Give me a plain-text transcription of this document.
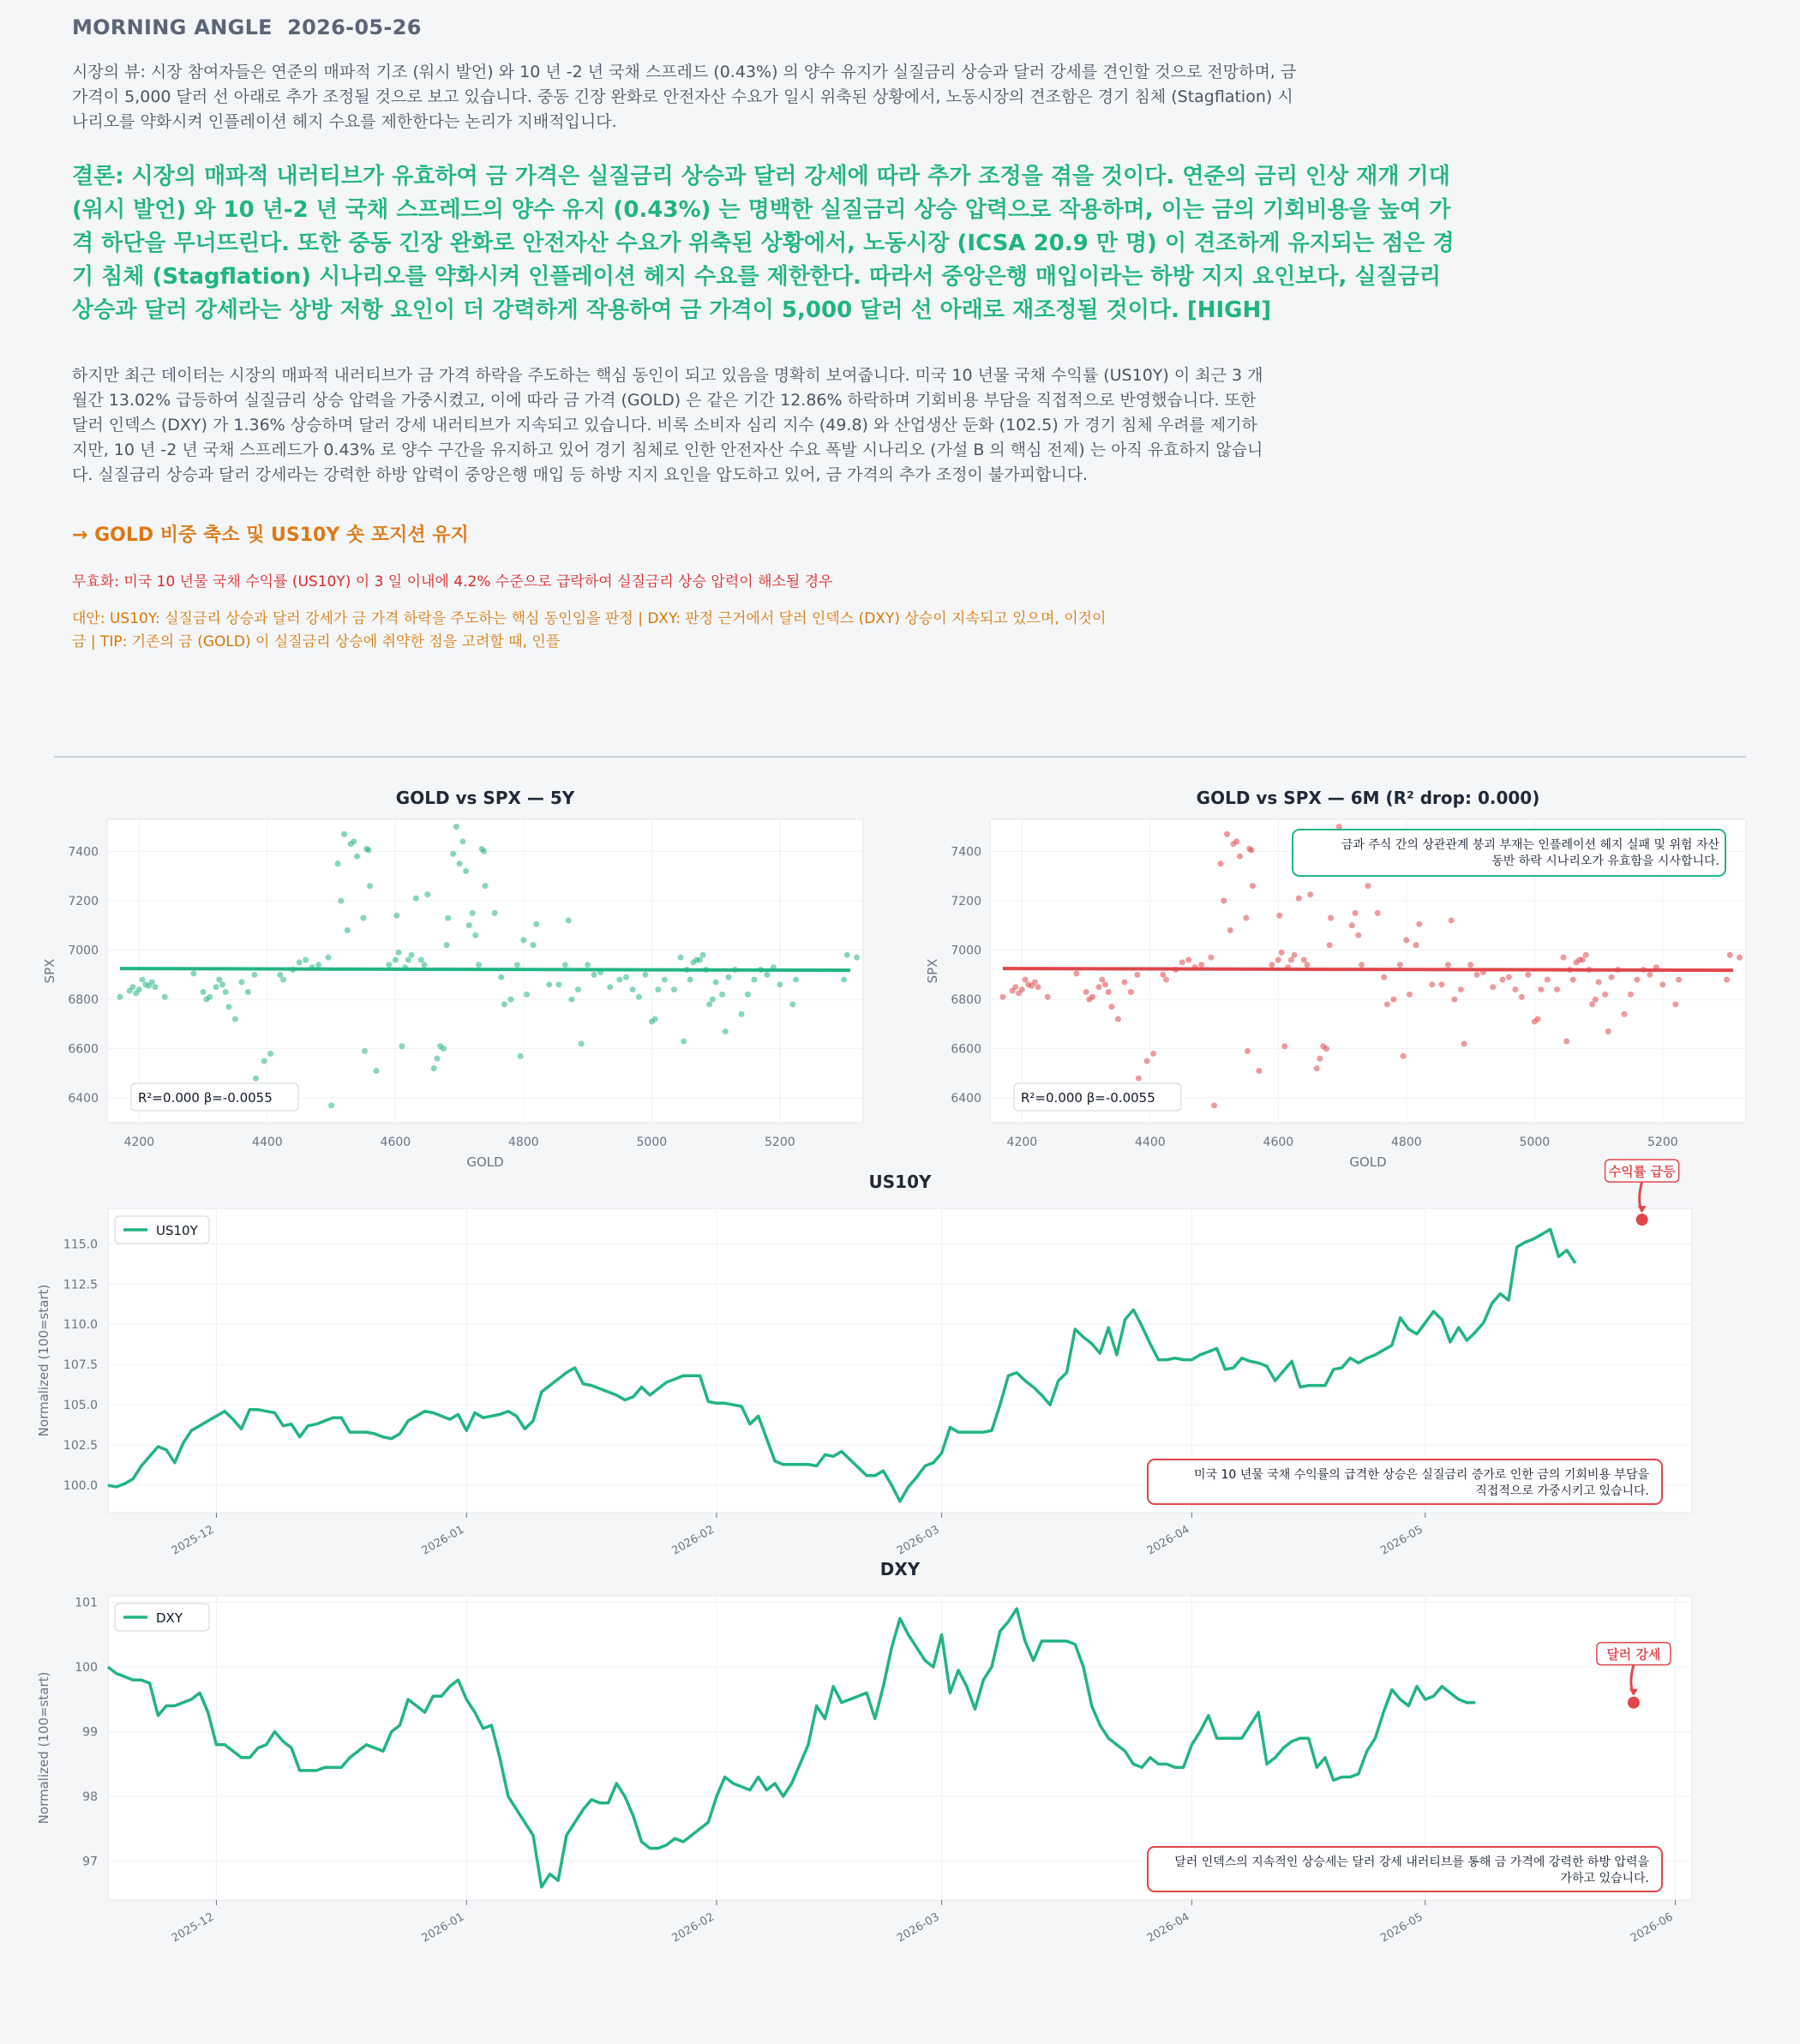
MORNING ANGLE  2026-05-26

시장의 뷰: 시장 참여자들은 연준의 매파적 기조 (워시 발언) 와 10 년 -2 년 국채 스프레드 (0.43%) 의 양수 유지가 실질금리 상승과 달러 강세를 견인할 것으로 전망하며, 금 가격이 5,000 달러 선 아래로 추가 조정될 것으로 보고 있습니다. 중동 긴장 완화로 안전자산 수요가 일시 위축된 상황에서, 노동시장의 견조함은 경기 침체 (Stagflation) 시나리오를 약화시켜 인플레이션 헤지 수요를 제한한다는 논리가 지배적입니다.

결론: 시장의 매파적 내러티브가 유효하여 금 가격은 실질금리 상승과 달러 강세에 따라 추가 조정을 겪을 것이다. 연준의 금리 인상 재개 기대 (워시 발언) 와 10 년-2 년 국채 스프레드의 양수 유지 (0.43%) 는 명백한 실질금리 상승 압력으로 작용하며, 이는 금의 기회비용을 높여 가격 하단을 무너뜨린다. 또한 중동 긴장 완화로 안전자산 수요가 위축된 상황에서, 노동시장 (ICSA 20.9 만 명) 이 견조하게 유지되는 점은 경기 침체 (Stagflation) 시나리오를 약화시켜 인플레이션 헤지 수요를 제한한다. 따라서 중앙은행 매입이라는 하방 지지 요인보다, 실질금리 상승과 달러 강세라는 상방 저항 요인이 더 강력하게 작용하여 금 가격이 5,000 달러 선 아래로 재조정될 것이다. [HIGH]
하지만 최근 데이터는 시장의 매파적 내러티브가 금 가격 하락을 주도하는 핵심 동인이 되고 있음을 명확히 보여줍니다. 미국 10 년물 국채 수익률 (US10Y) 이 최근 3 개월간 13.02% 급등하여 실질금리 상승 압력을 가중시켰고, 이에 따라 금 가격 (GOLD) 은 같은 기간 12.86% 하락하며 기회비용 부담을 직접적으로 반영했습니다. 또한 달러 인덱스 (DXY) 가 1.36% 상승하며 달러 강세 내러티브가 지속되고 있습니다. 비록 소비자 심리 지수 (49.8) 와 산업생산 둔화 (102.5) 가 경기 침체 우려를 제기하지만, 10 년 -2 년 국채 스프레드가 0.43% 로 양수 구간을 유지하고 있어 경기 침체로 인한 안전자산 수요 폭발 시나리오 (가설 B 의 핵심 전제) 는 아직 유효하지 않습니다. 실질금리 상승과 달러 강세라는 강력한 하방 압력이 중앙은행 매입 등 하방 지지 요인을 압도하고 있어, 금 가격의 추가 조정이 불가피합니다.
→ GOLD 비중 축소 및 US10Y 숏 포지션 유지
무효화: 미국 10 년물 국채 수익률 (US10Y) 이 3 일 이내에 4.2% 수준으로 급락하여 실질금리 상승 압력이 해소될 경우
대안: US10Y: 실질금리 상승과 달러 강세가 금 가격 하락을 주도하는 핵심 동인임을 판정 | DXY: 판정 근거에서 달러 인덱스 (DXY) 상승이 지속되고 있으며, 이것이 금 | TIP: 기존의 금 (GOLD) 이 실질금리 상승에 취약한 점을 고려할 때, 인플
4200	4400	4600	4800	5000	5200
6400
6600
6800
7000
7200
7400
GOLD vs SPX — 5Y
GOLD
SPX
R²=0.000 β=-0.0055
4200	4400	4600	4800	5000	5200
6400
6600
6800
7000
7200
7400
GOLD vs SPX — 6M (R² drop: 0.000)
GOLD
SPX
R²=0.000 β=-0.0055
금과 주식 간의 상관관계 붕괴 부재는 인플레이션 헤지 실패 및 위험 자산 동반 하락 시나리오가 유효함을 시사합니다.
100.0
102.5
105.0
107.5
110.0
112.5
115.0
2025-12	2026-01	2026-02	2026-03	2026-04	2026-05
US10Y
Normalized (100=start)
US10Y
수익률 급등
미국 10 년물 국채 수익률의 급격한 상승은 실질금리 증가로 인한 금의 기회비용 부담을 직접적으로 가중시키고 있습니다.
97
98
99
100
101
2025-12	2026-01	2026-02	2026-03	2026-04	2026-05	2026-06
DXY
Normalized (100=start)
DXY
달러 강세
달러 인덱스의 지속적인 상승세는 달러 강세 내러티브를 통해 금 가격에 강력한 하방 압력을 가하고 있습니다.
